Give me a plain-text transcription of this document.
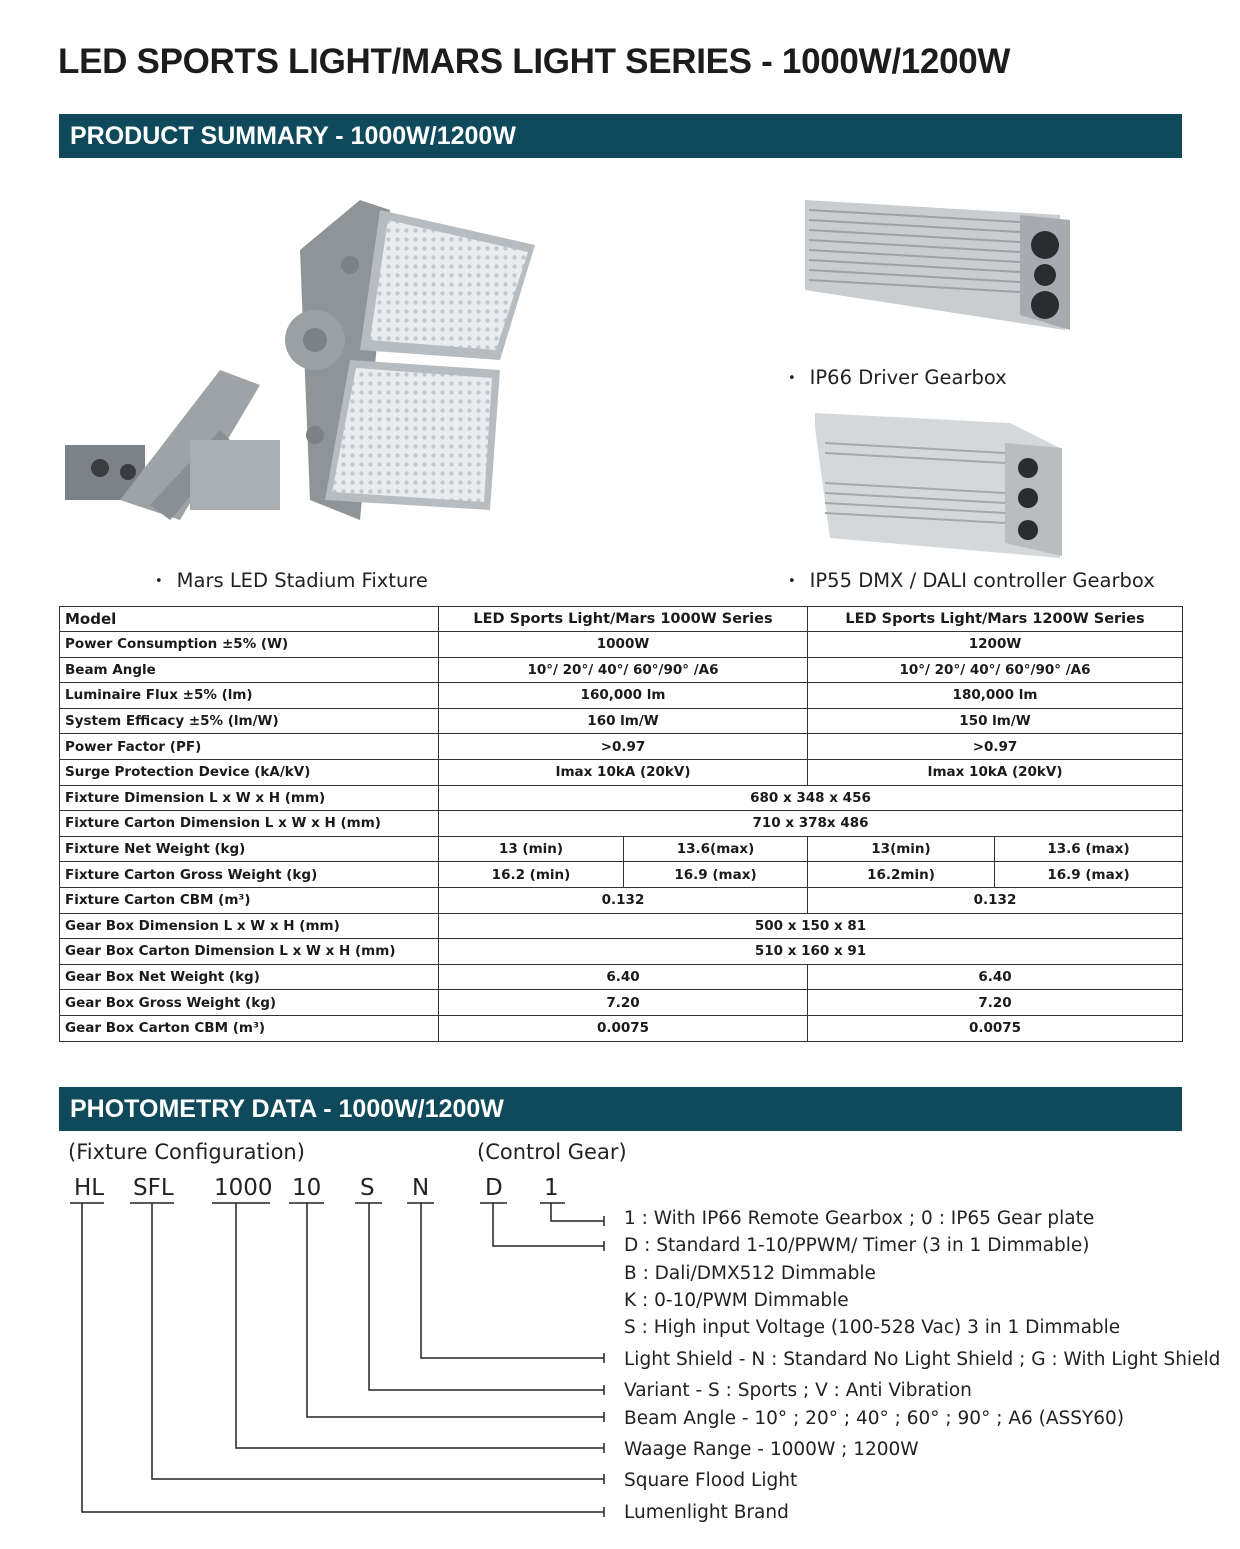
LED SPORTS LIGHT/MARS LIGHT SERIES - 1000W/1200W
PRODUCT SUMMARY - 1000W/1200W
• IP66 Driver Gearbox
• Mars LED Stadium Fixture	• IP55 DMX / DALI controller Gearbox
Model	LED Sports Light/Mars 1000W Series		LED Sports Light/Mars 1200W Series	
Power Consumption ±5% (W)	1000W		1200W	
Beam Angle	10°/ 20°/ 40°/ 60°/90° /A6		10°/ 20°/ 40°/ 60°/90° /A6	
Luminaire Flux ±5% (lm)	160,000 lm		180,000 lm	
System Efficacy ±5% (lm/W)	160 lm/W		150 lm/W	
Power Factor (PF)	>0.97		>0.97	
Surge Protection Device (kA/kV)	Imax 10kA (20kV)		Imax 10kA (20kV)	
Fixture Dimension L x W x H (mm)	680 x 348 x 456			
Fixture Carton Dimension L x W x H (mm)	710 x 378x 486			
Fixture Net Weight (kg)	13 (min)	13.6(max)	13(min)	13.6 (max)
Fixture Carton Gross Weight (kg)	16.2 (min)	16.9 (max)	16.2min)	16.9 (max)
Fixture Carton CBM (m³)	0.132		0.132	
Gear Box Dimension L x W x H (mm)	500 x 150 x 81			
Gear Box Carton Dimension L x W x H (mm)	510 x 160 x 91			
Gear Box Net Weight (kg)	6.40		6.40	
Gear Box Gross Weight (kg)	7.20		7.20	
Gear Box Carton CBM (m³)	0.0075		0.0075	
PHOTOMETRY DATA - 1000W/1200W
(Fixture Configuration)	(Control Gear)
HL SFL 1000 10 S N D 1
1 : With IP66 Remote Gearbox ; 0 : IP65 Gear plate
D : Standard 1-10/PPWM/ Timer (3 in 1 Dimmable)
B : Dali/DMX512 Dimmable
K : 0-10/PWM Dimmable
S : High input Voltage (100-528 Vac) 3 in 1 Dimmable
Light Shield - N : Standard No Light Shield ; G : With Light Shield
Variant - S : Sports ; V : Anti Vibration
Beam Angle - 10° ; 20° ; 40° ; 60° ; 90° ; A6 (ASSY60)
Waage Range - 1000W ; 1200W
Square Flood Light
Lumenlight Brand
